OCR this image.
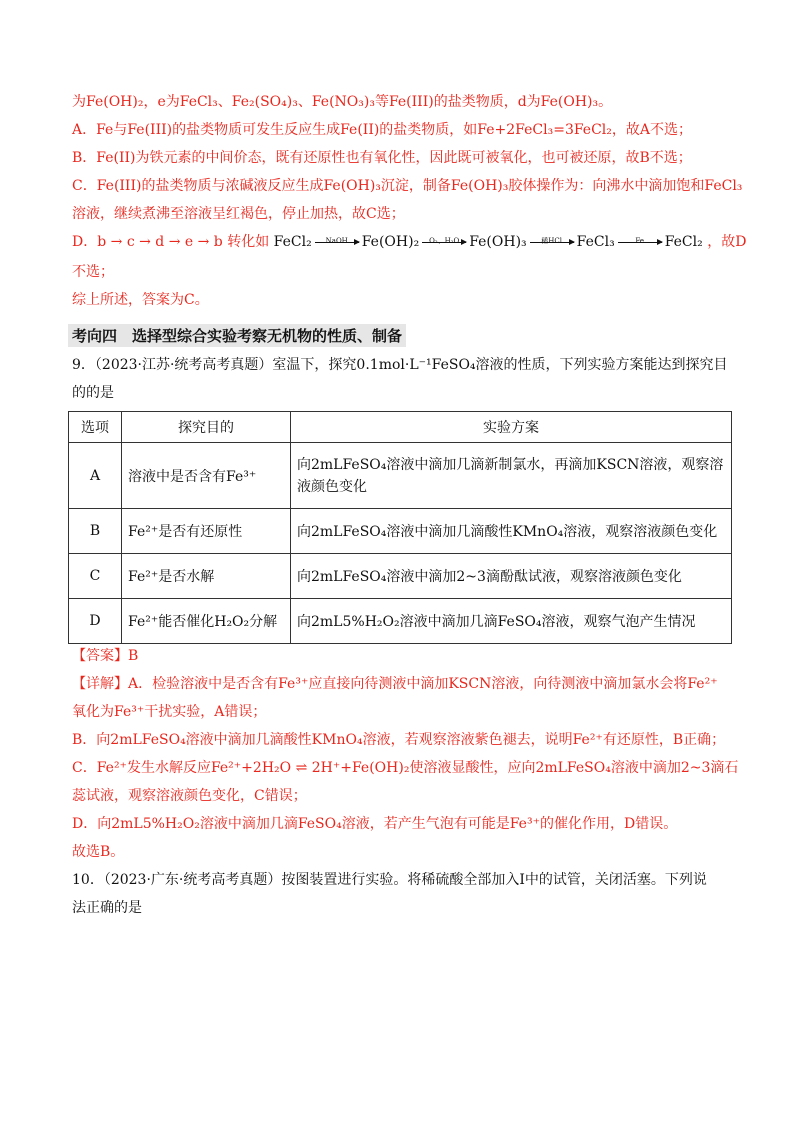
为Fe(OH)₂，e为FeCl₃、Fe₂(SO₄)₃、Fe(NO₃)₃等Fe(III)的盐类物质，d为Fe(OH)₃。

A．Fe与Fe(III)的盐类物质可发生反应生成Fe(II)的盐类物质，如Fe+2FeCl₃=3FeCl₂，故A不选；

B．Fe(II)为铁元素的中间价态，既有还原性也有氧化性，因此既可被氧化，也可被还原，故B不选；

C．Fe(III)的盐类物质与浓碱液反应生成Fe(OH)₃沉淀，制备Fe(OH)₃胶体操作为：向沸水中滴加饱和FeCl₃

溶液，继续煮沸至溶液呈红褐色，停止加热，故C选；

D．b → c → d → e → b 转化如 FeCl₂	NaOH Fe(OH)₂	O₂、H₂O Fe(OH)₃	稀HCl	FeCl₃	Fe	FeCl₂ ，故D

不选；

综上所述，答案为C。

考向四　选择型综合实验考察无机物的性质、制备

9．（2023·江苏·统考高考真题）室温下，探究0.1mol·L⁻¹FeSO₄溶液的性质，下列实验方案能达到探究目

的的是

选项	探究目的	实验方案
A	溶液中是否含有Fe³⁺	向2mLFeSO₄溶液中滴加几滴新制氯水，再滴加KSCN溶液，观察溶液颜色变化
B	Fe²⁺是否有还原性	向2mLFeSO₄溶液中滴加几滴酸性KMnO₄溶液，观察溶液颜色变化
C	Fe²⁺是否水解	向2mLFeSO₄溶液中滴加2~3滴酚酞试液，观察溶液颜色变化
D	Fe²⁺能否催化H₂O₂分解	向2mL5%H₂O₂溶液中滴加几滴FeSO₄溶液，观察气泡产生情况

【答案】B

【详解】A．检验溶液中是否含有Fe³⁺应直接向待测液中滴加KSCN溶液，向待测液中滴加氯水会将Fe²⁺

氧化为Fe³⁺干扰实验，A错误；

B．向2mLFeSO₄溶液中滴加几滴酸性KMnO₄溶液，若观察溶液紫色褪去，说明Fe²⁺有还原性，B正确；

C．Fe²⁺发生水解反应Fe²⁺+2H₂O ⇌ 2H⁺+Fe(OH)₂使溶液显酸性，应向2mLFeSO₄溶液中滴加2~3滴石

蕊试液，观察溶液颜色变化，C错误；

D．向2mL5%H₂O₂溶液中滴加几滴FeSO₄溶液，若产生气泡有可能是Fe³⁺的催化作用，D错误。

故选B。

10．（2023·广东·统考高考真题）按图装置进行实验。将稀硫酸全部加入Ⅰ中的试管，关闭活塞。下列说

法正确的是
